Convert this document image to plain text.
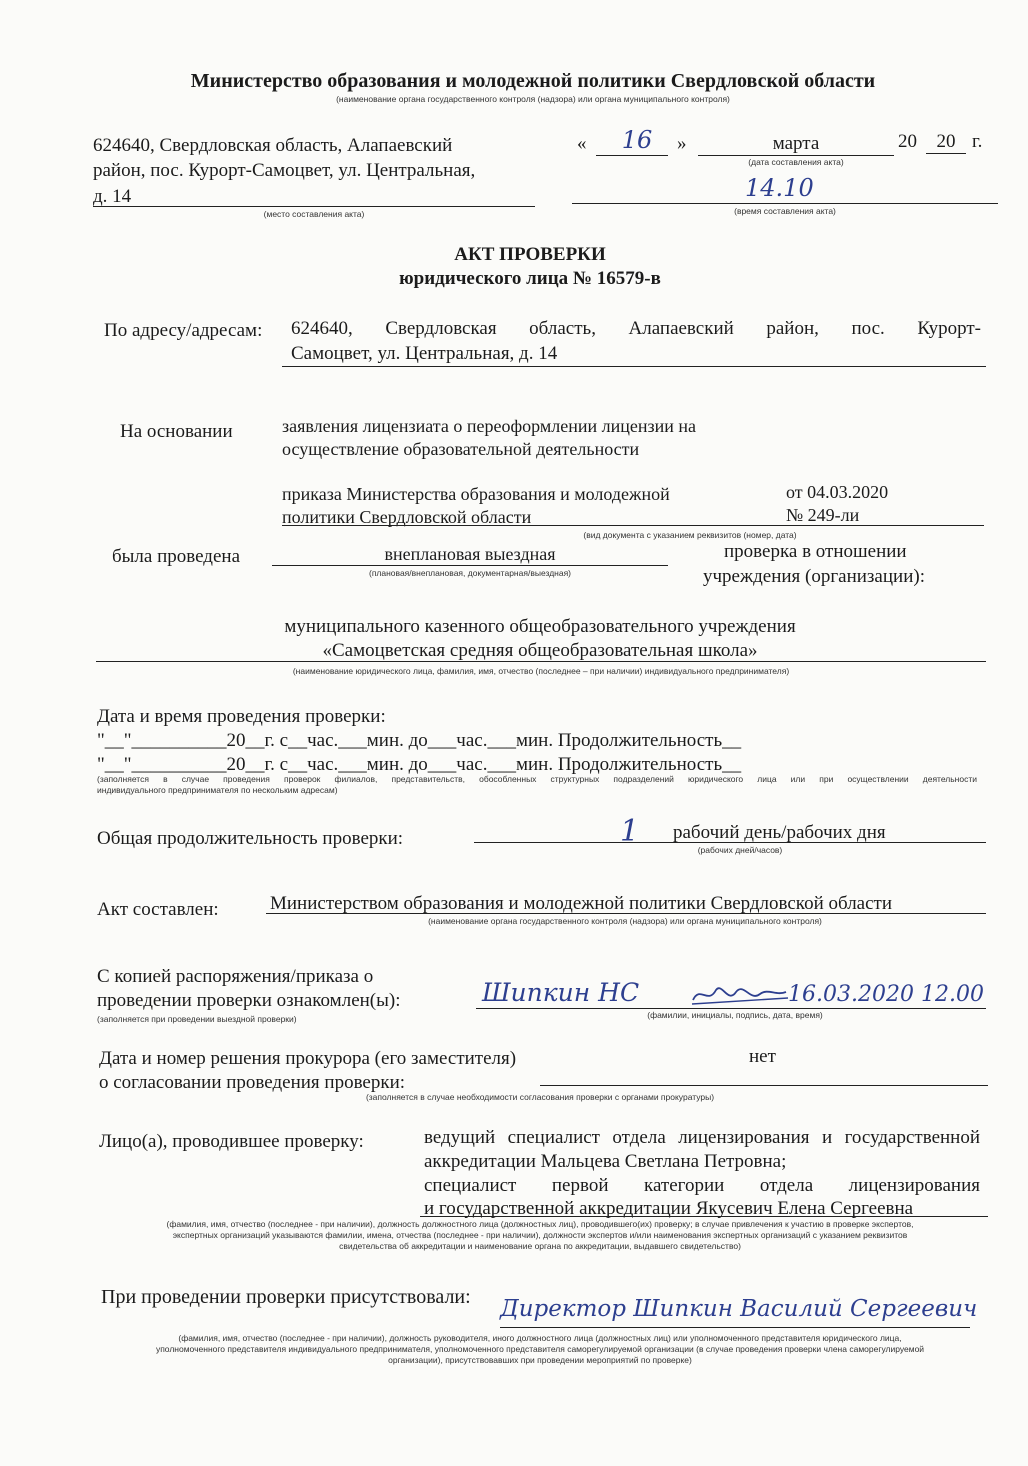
Министерство образования и молодежной политики Свердловской области
(наименование органа государственного контроля (надзора) или органа муниципального контроля)
624640, Свердловская область, Алапаевский
район, пос. Курорт-Самоцвет, ул. Центральная,
д. 14
(место составления акта)
«	16	»	марта
(дата составления акта)
20	20 г.
14.10
(время составления акта)
АКТ ПРОВЕРКИ
юридического лица № 16579-в
По адресу/адресам: 624640, Свердловская область, Алапаевский район, пос. Курорт-
Самоцвет, ул. Центральная, д. 14
На основании	заявления лицензиата о переоформлении лицензии на
осуществление образовательной деятельности
приказа Министерства образования и молодежной
политики Свердловской области
от 04.03.2020
№ 249-ли
(вид документа с указанием реквизитов (номер, дата)
была проведена	внеплановая выездная
(плановая/внеплановая, документарная/выездная)
проверка в отношении
учреждения (организации):
муниципального казенного общеобразовательного учреждения
«Самоцветская средняя общеобразовательная школа»
(наименование юридического лица, фамилия, имя, отчество (последнее – при наличии) индивидуального предпринимателя)
Дата и время проведения проверки:
"__"__________20__г. с__час.___мин. до___час.___мин. Продолжительность__
"__"__________20__г. с__час.___мин. до___час.___мин. Продолжительность__
(заполняется в случае проведения проверок филиалов, представительств, обособленных структурных подразделений юридического лица или при осуществлении деятельности
индивидуального предпринимателя по нескольким адресам)
Общая продолжительность проверки:	1 рабочий день/рабочих дня
(рабочих дней/часов)
Акт составлен:	Министерством образования и молодежной политики Свердловской области
(наименование органа государственного контроля (надзора) или органа муниципального контроля)
С копией распоряжения/приказа о
проведении проверки ознакомлен(ы):
(заполняется при проведении выездной проверки)
Шипкин НС	16.03.2020 12.00
(фамилии, инициалы, подпись, дата, время)
Дата и номер решения прокурора (его заместителя)
о согласовании проведения проверки:
нет
(заполняется в случае необходимости согласования проверки с органами прокуратуры)
Лицо(а), проводившее проверку:	ведущий специалист отдела лицензирования и государственной
аккредитации Мальцева Светлана Петровна;
специалист первой категории отдела лицензирования
и государственной аккредитации Якусевич Елена Сергеевна
(фамилия, имя, отчество (последнее - при наличии), должность должностного лица (должностных лиц), проводившего(их) проверку; в случае привлечения к участию в проверке экспертов,
экспертных организаций указываются фамилии, имена, отчества (последнее - при наличии), должности экспертов и/или наименования экспертных организаций с указанием реквизитов
свидетельства об аккредитации и наименование органа по аккредитации, выдавшего свидетельство)
При проведении проверки присутствовали: Директор Шипкин Василий Сергеевич
(фамилия, имя, отчество (последнее - при наличии), должность руководителя, иного должностного лица (должностных лиц) или уполномоченного представителя юридического лица,
уполномоченного представителя индивидуального предпринимателя, уполномоченного представителя саморегулируемой организации (в случае проведения проверки члена саморегулируемой
организации), присутствовавших при проведении мероприятий по проверке)
